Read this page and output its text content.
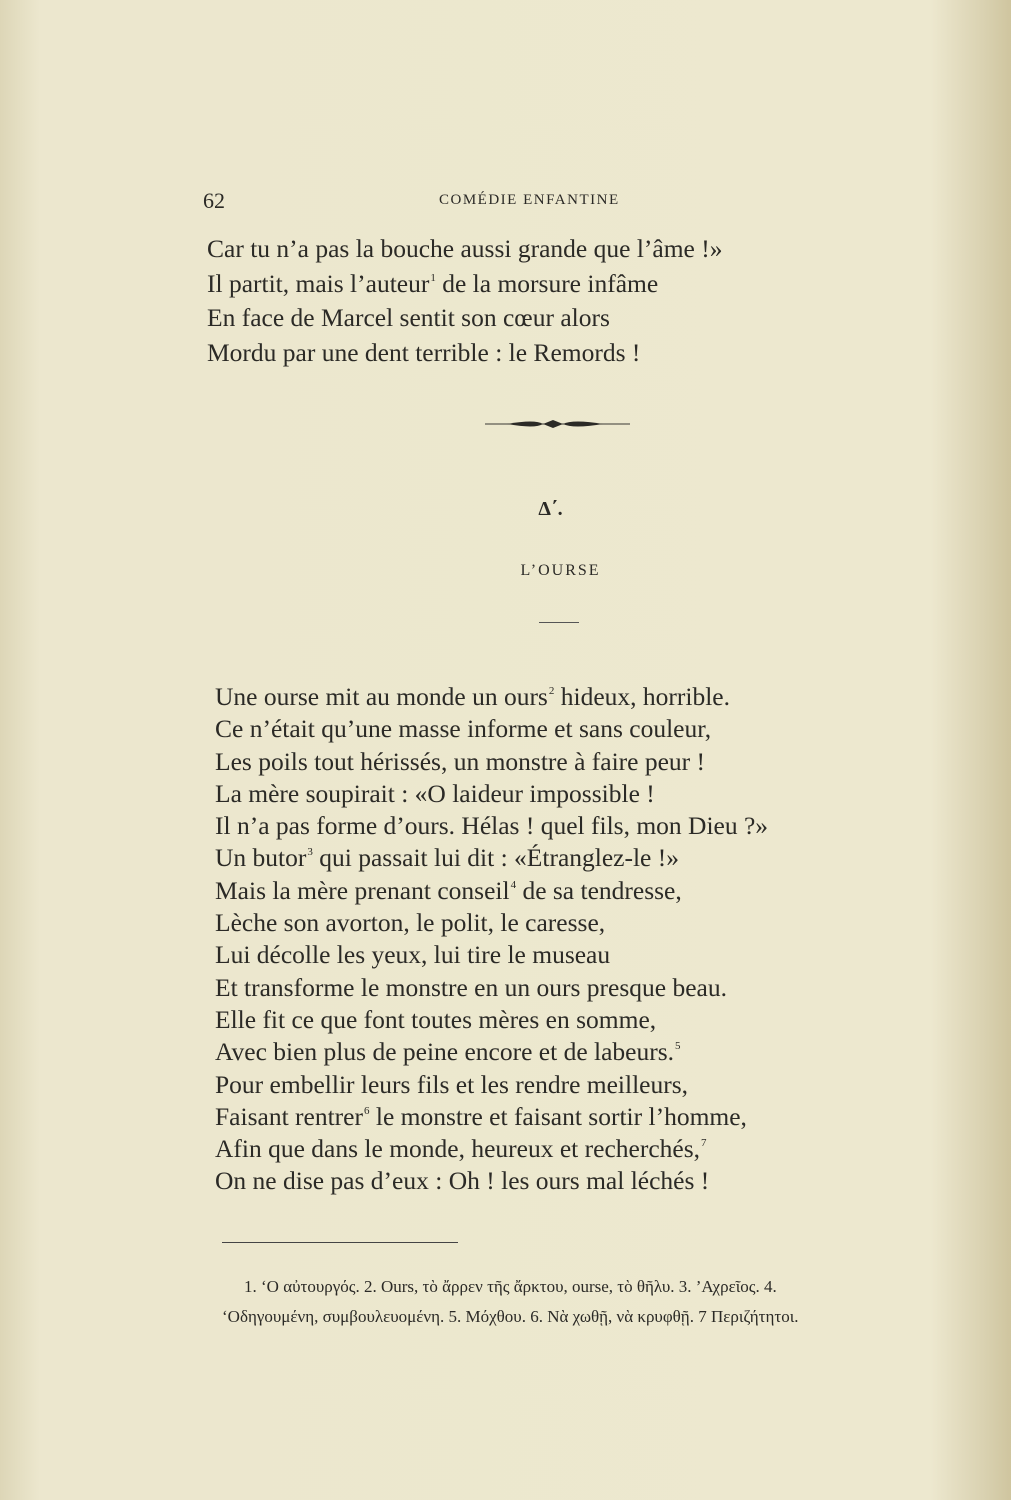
62	COMÉDIE ENFANTINE
Car tu n’a pas la bouche aussi grande que l’âme !»
Il partit, mais l’auteur$^1$ de la morsure infâme
En face de Marcel sentit son cœur alors
Mordu par une dent terrible : le Remords !
Δ΄.
L’OURSE
Une ourse mit au monde un ours$^2$ hideux, horrible.
Ce n’était qu’une masse informe et sans couleur,
Les poils tout hérissés, un monstre à faire peur !
La mère soupirait : «O laideur impossible !
Il n’a pas forme d’ours. Hélas ! quel fils, mon Dieu ?»
Un butor$^3$ qui passait lui dit : «Étranglez-le !»
Mais la mère prenant conseil$^4$ de sa tendresse,
Lèche son avorton, le polit, le caresse,
Lui décolle les yeux, lui tire le museau
Et transforme le monstre en un ours presque beau.
Elle fit ce que font toutes mères en somme,
Avec bien plus de peine encore et de labeurs.$^5$
Pour embellir leurs fils et les rendre meilleurs,
Faisant rentrer$^6$ le monstre et faisant sortir l’homme,
Afin que dans le monde, heureux et recherchés,$^7$
On ne dise pas d’eux : Oh ! les ours mal léchés !
1. ‘Ο αὐτουργός. 2. Ours, τὸ ἄρρεν τῆς ἄρκτου, ourse, τὸ θῆλυ. 3. ’Αχρεῖος. 4.
‘Οδηγουμένη, συμβουλευομένη. 5. Μόχθου. 6. Νὰ χωθῇ, νὰ κρυφθῇ. 7 Περιζήτητοι.
